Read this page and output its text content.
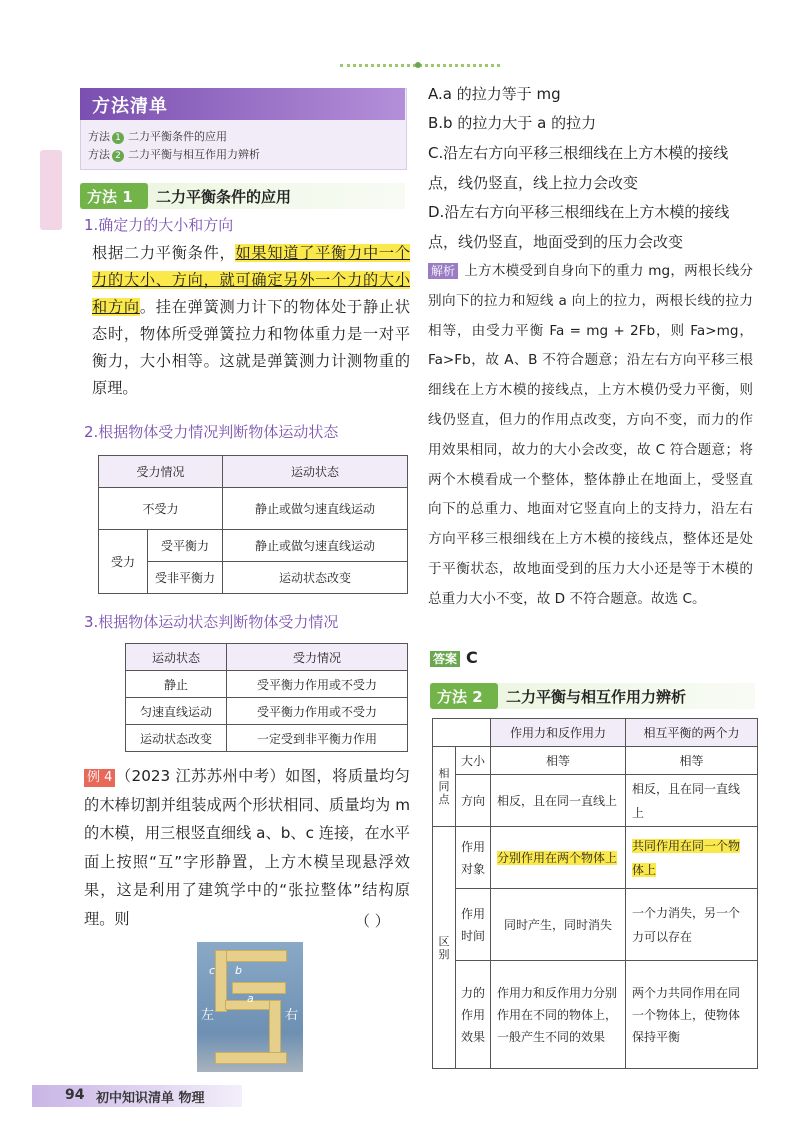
方法清单
方法 1 二力平衡条件的应用
方法 2 二力平衡与相互作用力辨析
方法 1 二力平衡条件的应用
1.确定力的大小和方向
根据二力平衡条件，如果知道了平衡力中一个力的大小、方向，就可确定另外一个力的大小和方向。挂在弹簧测力计下的物体处于静止状态时，物体所受弹簧拉力和物体重力是一对平衡力，大小相等。这就是弹簧测力计测物重的原理。
2.根据物体受力情况判断物体运动状态
受力情况		运动状态
不受力		静止或做匀速直线运动
受力	受平衡力	静止或做匀速直线运动
	受非平衡力	运动状态改变
3.根据物体运动状态判断物体受力情况
运动状态	受力情况
静止	受平衡力作用或不受力
匀速直线运动	受平衡力作用或不受力
运动状态改变	一定受到非平衡力作用
例 4 （2023 江苏苏州中考）如图，将质量均匀的木棒切割并组装成两个形状相同、质量均为 m 的木模，用三根竖直细线 a、b、c 连接，在水平面上按照“互”字形静置，上方木模呈现悬浮效果，这是利用了建筑学中的“张拉整体”结构原理。则	（ ）
c b
a
左	右
A.a 的拉力等于 mg
B.b 的拉力大于 a 的拉力
C.沿左右方向平移三根细线在上方木模的接线点，线仍竖直，线上拉力会改变
D.沿左右方向平移三根细线在上方木模的接线点，线仍竖直，地面受到的压力会改变
解析 上方木模受到自身向下的重力 mg，两根长线分别向下的拉力和短线 a 向上的拉力，两根长线的拉力相等，由受力平衡 Fa = mg + 2Fb，则 Fa>mg，Fa>Fb，故 A、B 不符合题意；沿左右方向平移三根细线在上方木模的接线点，上方木模仍受力平衡，则线仍竖直，但力的作用点改变，方向不变，而力的作用效果相同，故力的大小会改变，故 C 符合题意；将两个木模看成一个整体，整体静止在地面上，受竖直向下的总重力、地面对它竖直向上的支持力，沿左右方向平移三根细线在上方木模的接线点，整体还是处于平衡状态，故地面受到的压力大小还是等于木模的总重力大小不变，故 D 不符合题意。故选 C。
答案 C
方法 2 二力平衡与相互作用力辨析
		作用力和反作用力	相互平衡的两个力
相同点	大小	相等	相等
	方向	相反，且在同一直线上	相反，且在同一直线上
区别	作用对象	分别作用在两个物体上	共同作用在同一个物体上
	作用时间	同时产生，同时消失	一个力消失，另一个力可以存在
	力的作用效果	作用力和反作用力分别作用在不同的物体上，一般产生不同的效果	两个力共同作用在同一个物体上，使物体保持平衡
94 初中知识清单 物理
